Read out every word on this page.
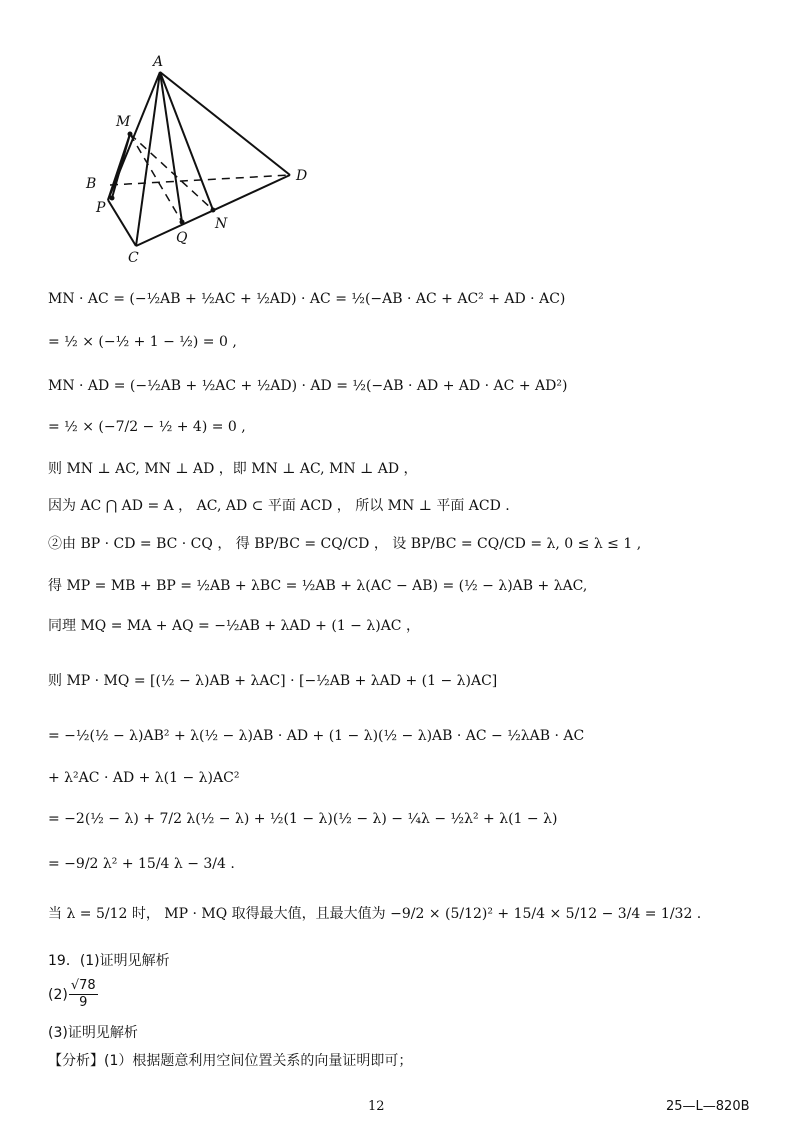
A
M
B
P
C
Q
N
D
MN · AC = (−½AB + ½AC + ½AD) · AC = ½(−AB · AC + AC² + AD · AC)
= ½ × (−½ + 1 − ½) = 0 ,
MN · AD = (−½AB + ½AC + ½AD) · AD = ½(−AB · AD + AD · AC + AD²)
= ½ × (−7/2 − ½ + 4) = 0 ,
则 MN ⊥ AC, MN ⊥ AD ，即 MN ⊥ AC, MN ⊥ AD ，
因为 AC ⋂ AD = A ， AC, AD ⊂ 平面 ACD ， 所以 MN ⊥ 平面 ACD .
②由 BP · CD = BC · CQ ， 得 BP/BC = CQ/CD ， 设 BP/BC = CQ/CD = λ, 0 ≤ λ ≤ 1 ,
得 MP = MB + BP = ½AB + λBC = ½AB + λ(AC − AB) = (½ − λ)AB + λAC,
同理 MQ = MA + AQ = −½AB + λAD + (1 − λ)AC ，
则 MP · MQ = [(½ − λ)AB + λAC] · [−½AB + λAD + (1 − λ)AC]
= −½(½ − λ)AB² + λ(½ − λ)AB · AD + (1 − λ)(½ − λ)AB · AC − ½λAB · AC
+ λ²AC · AD + λ(1 − λ)AC²
= −2(½ − λ) + 7/2 λ(½ − λ) + ½(1 − λ)(½ − λ) − ¼λ − ½λ² + λ(1 − λ)
= −9/2 λ² + 15/4 λ − 3/4 .
当 λ = 5/12 时， MP · MQ 取得最大值，且最大值为 −9/2 × (5/12)² + 15/4 × 5/12 − 3/4 = 1/32 .
19．(1)证明见解析
$(2) \frac{√78}{9}$
(3)证明见解析
【分析】(1）根据题意利用空间位置关系的向量证明即可；
12	25—L—820B
